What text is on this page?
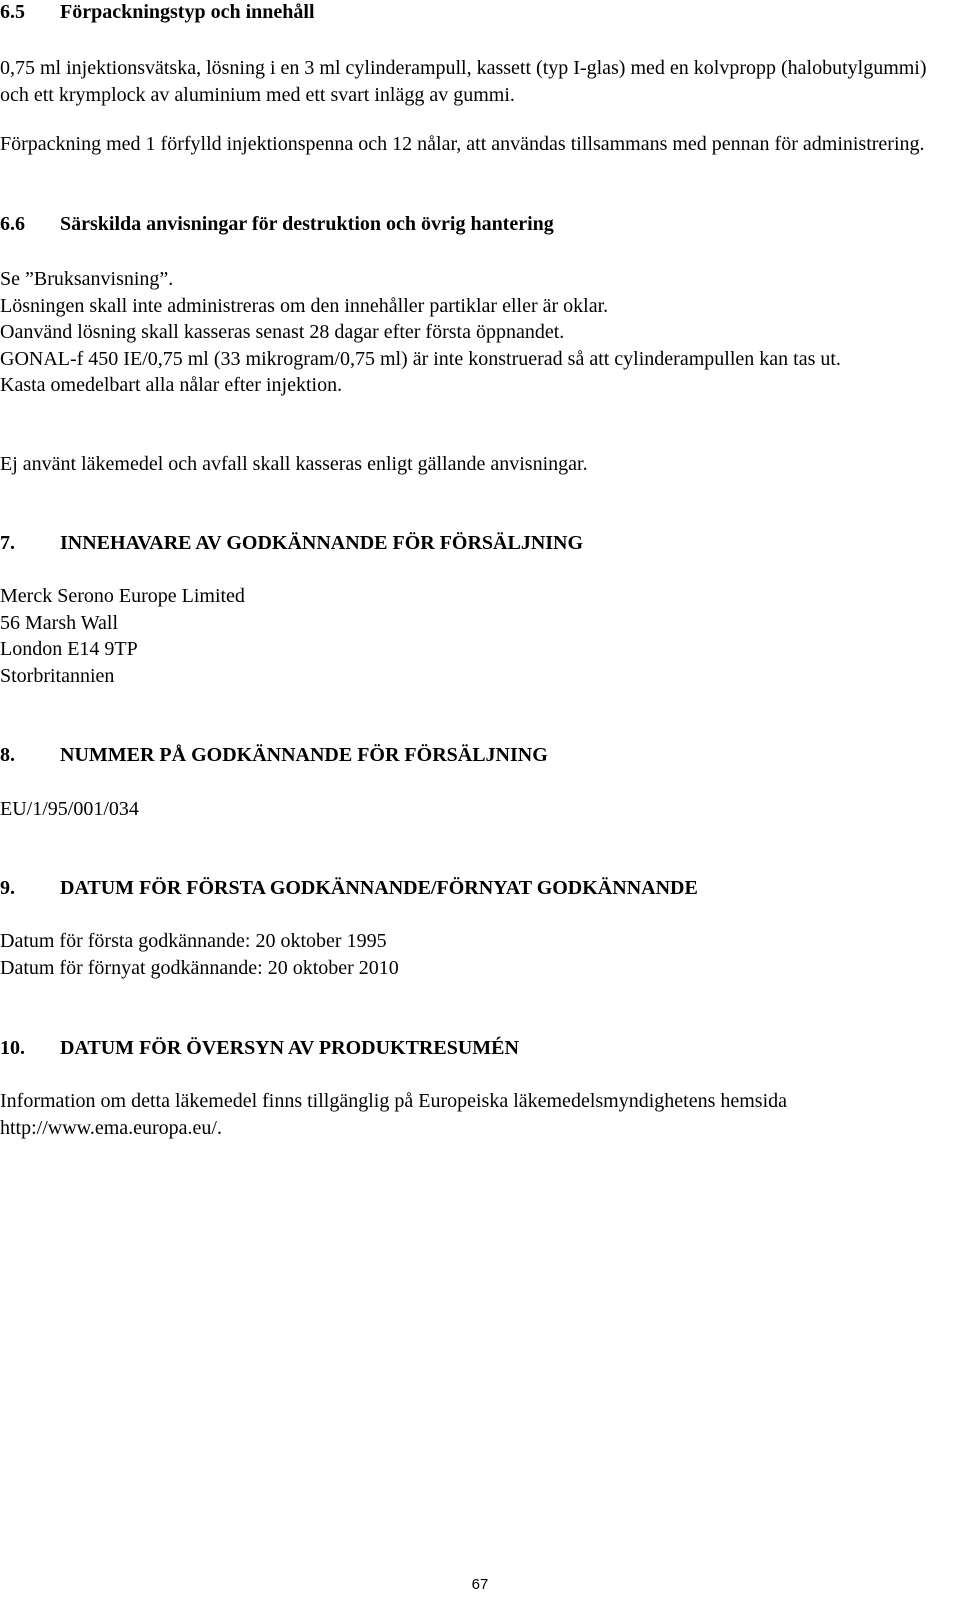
6.5 Förpackningstyp och innehåll

0,75 ml injektionsvätska, lösning i en 3 ml cylinderampull, kassett (typ I-glas) med en kolvpropp (halobutylgummi) och ett krymplock av aluminium med ett svart inlägg av gummi.

Förpackning med 1 förfylld injektionspenna och 12 nålar, att användas tillsammans med pennan för administrering.

6.6 Särskilda anvisningar för destruktion och övrig hantering
Se ”Bruksanvisning”.
Lösningen skall inte administreras om den innehåller partiklar eller är oklar.
Oanvänd lösning skall kasseras senast 28 dagar efter första öppnandet.
GONAL-f 450 IE/0,75 ml (33 mikrogram/0,75 ml) är inte konstruerad så att cylinderampullen kan tas ut.
Kasta omedelbart alla nålar efter injektion.

Ej använt läkemedel och avfall skall kasseras enligt gällande anvisningar.

7. INNEHAVARE AV GODKÄNNANDE FÖR FÖRSÄLJNING
Merck Serono Europe Limited
56 Marsh Wall
London E14 9TP
Storbritannien
8. NUMMER PÅ GODKÄNNANDE FÖR FÖRSÄLJNING

EU/1/95/001/034

9. DATUM FÖR FÖRSTA GODKÄNNANDE/FÖRNYAT GODKÄNNANDE
Datum för första godkännande: 20 oktober 1995
Datum för förnyat godkännande: 20 oktober 2010
10. DATUM FÖR ÖVERSYN AV PRODUKTRESUMÉN

Information om detta läkemedel finns tillgänglig på Europeiska läkemedelsmyndighetens hemsida http://www.ema.europa.eu/.

67
